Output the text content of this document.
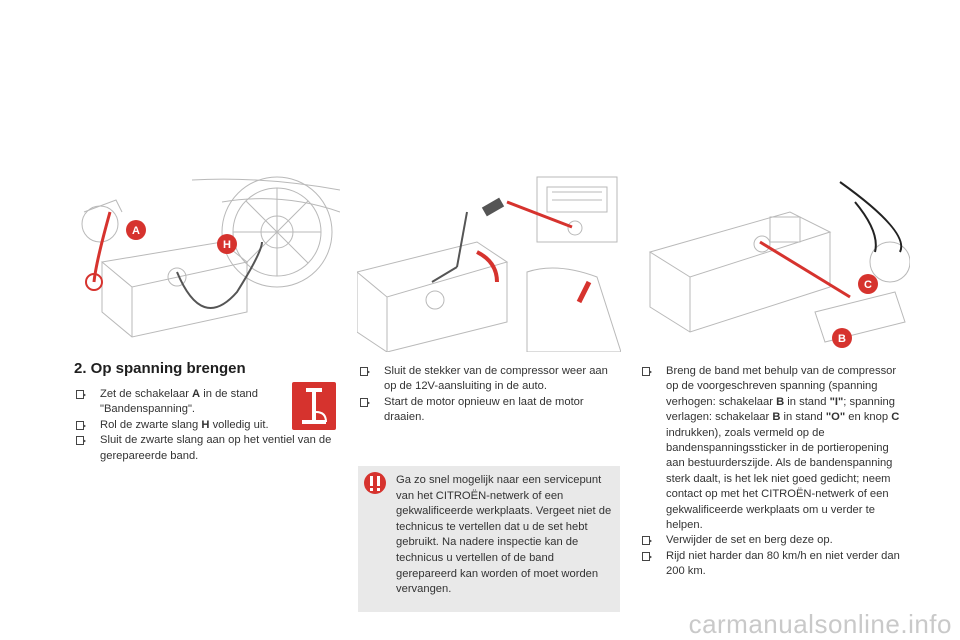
A
H
C
B
2. Op spanning brengen
Zet de schakelaar A in de stand "Bandenspanning".
Rol de zwarte slang H volledig uit.
Sluit de zwarte slang aan op het ventiel van de gerepareerde band.
Sluit de stekker van de compressor weer aan op de 12V-aansluiting in de auto.
Start de motor opnieuw en laat de motor draaien.
Ga zo snel mogelijk naar een servicepunt van het CITROËN-netwerk of een gekwalificeerde werkplaats. Vergeet niet de technicus te vertellen dat u de set hebt gebruikt. Na nadere inspectie kan de technicus u vertellen of de band gerepareerd kan worden of moet worden vervangen.
Breng de band met behulp van de compressor op de voorgeschreven spanning (spanning verhogen: schakelaar B in stand "I"; spanning verlagen: schakelaar B in stand "O" en knop C indrukken), zoals vermeld op de bandenspanningssticker in de portieropening aan bestuurderszijde. Als de bandenspanning sterk daalt, is het lek niet goed gedicht; neem contact op met het CITROËN-netwerk of een gekwalificeerde werkplaats om u verder te helpen.
Verwijder de set en berg deze op.
Rijd niet harder dan 80 km/h en niet verder dan 200 km.
carmanualsonline.info
